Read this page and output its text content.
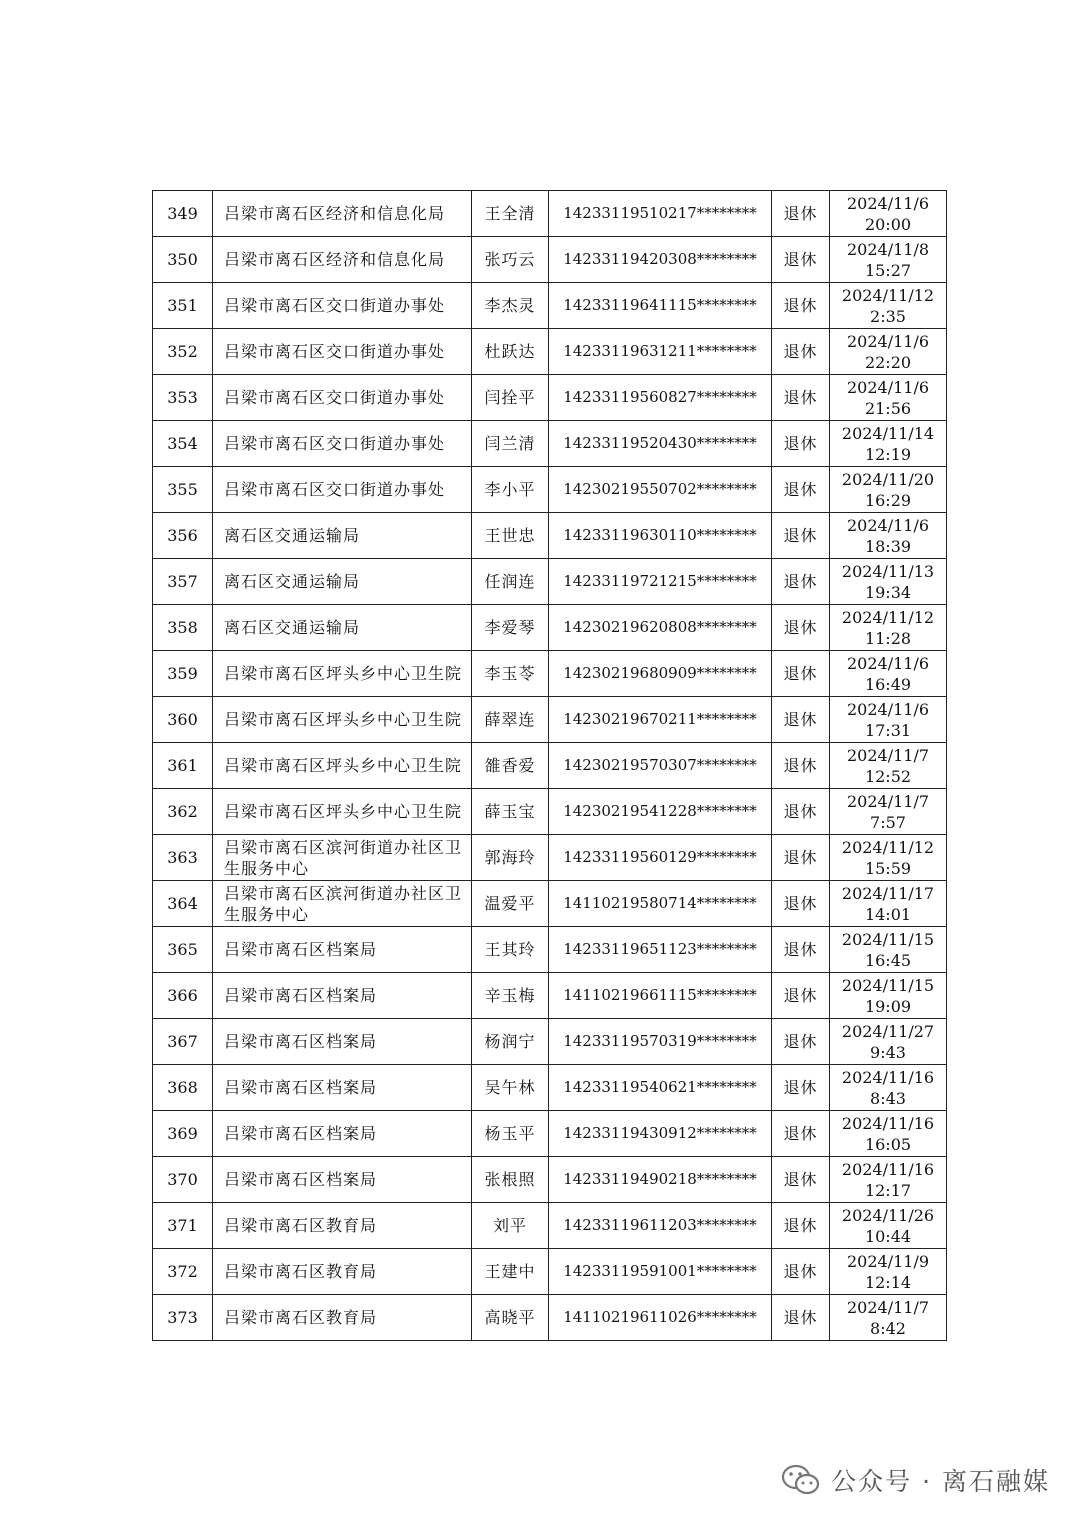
349	吕梁市离石区经济和信息化局	王全清	14233119510217********	退休	2024/11/6
20:00

350	吕梁市离石区经济和信息化局	张巧云	14233119420308********	退休	2024/11/8
15:27

351	吕梁市离石区交口街道办事处	李杰灵	14233119641115********	退休	2024/11/12
2:35

352	吕梁市离石区交口街道办事处	杜跃达	14233119631211********	退休	2024/11/6
22:20

353	吕梁市离石区交口街道办事处	闫拴平	14233119560827********	退休	2024/11/6
21:56

354	吕梁市离石区交口街道办事处	闫兰清	14233119520430********	退休	2024/11/14
12:19

355	吕梁市离石区交口街道办事处	李小平	14230219550702********	退休	2024/11/20
16:29

356	离石区交通运输局	王世忠	14233119630110********	退休	2024/11/6
18:39

357	离石区交通运输局	任润连	14233119721215********	退休	2024/11/13
19:34

358	离石区交通运输局	李爱琴	14230219620808********	退休	2024/11/12
11:28

359	吕梁市离石区坪头乡中心卫生院	李玉苓	14230219680909********	退休	2024/11/6
16:49

360	吕梁市离石区坪头乡中心卫生院	薛翠连	14230219670211********	退休	2024/11/6
17:31

361	吕梁市离石区坪头乡中心卫生院	雒香爱	14230219570307********	退休	2024/11/7
12:52

362	吕梁市离石区坪头乡中心卫生院	薛玉宝	14230219541228********	退休	2024/11/7
7:57

363	吕梁市离石区滨河街道办社区卫生服务中心	郭海玲	14233119560129********	退休	2024/11/12
15:59

364	吕梁市离石区滨河街道办社区卫生服务中心	温爱平	14110219580714********	退休	2024/11/17
14:01

365	吕梁市离石区档案局	王其玲	14233119651123********	退休	2024/11/15
16:45

366	吕梁市离石区档案局	辛玉梅	14110219661115********	退休	2024/11/15
19:09

367	吕梁市离石区档案局	杨润宁	14233119570319********	退休	2024/11/27
9:43

368	吕梁市离石区档案局	吴午林	14233119540621********	退休	2024/11/16
8:43

369	吕梁市离石区档案局	杨玉平	14233119430912********	退休	2024/11/16
16:05

370	吕梁市离石区档案局	张根照	14233119490218********	退休	2024/11/16
12:17

371	吕梁市离石区教育局	刘平	14233119611203********	退休	2024/11/26
10:44

372	吕梁市离石区教育局	王建中	14233119591001********	退休	2024/11/9
12:14

373	吕梁市离石区教育局	高晓平	14110219611026********	退休	2024/11/7
8:42
公众号 · 离石融媒
